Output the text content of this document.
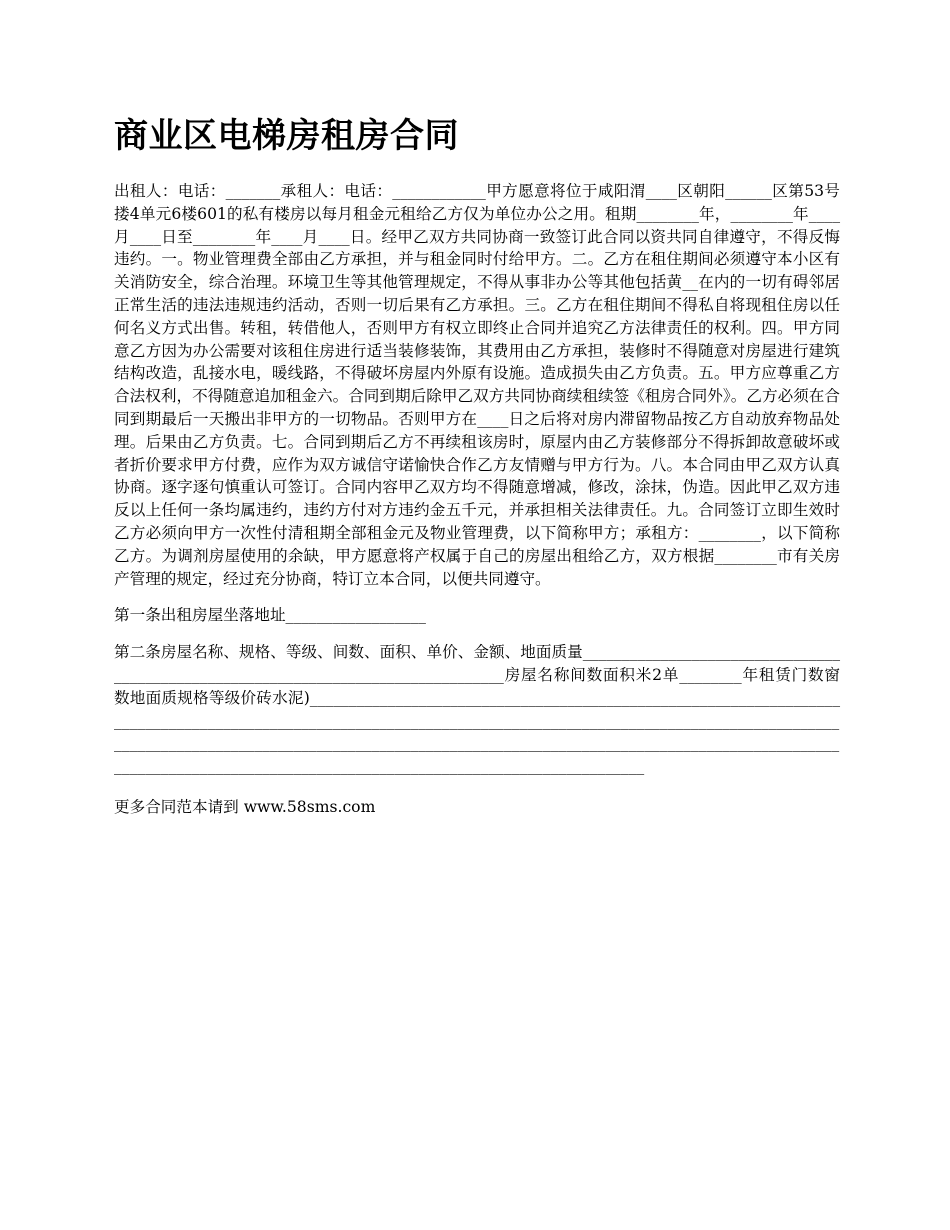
商业区电梯房租房合同

出租人：电话：_______承租人：电话：____________甲方愿意将位于咸阳渭____区朝阳______区第53号搂4单元6楼601的私有楼房以每月租金元租给乙方仅为单位办公之用。租期________年，________年____月____日至________年____月____日。经甲乙双方共同协商一致签订此合同以资共同自律遵守，不得反悔违约。一。物业管理费全部由乙方承担，并与租金同时付给甲方。二。乙方在租住期间必须遵守本小区有关消防安全，综合治理。环境卫生等其他管理规定，不得从事非办公等其他包括黄__在内的一切有碍邻居正常生活的违法违规违约活动，否则一切后果有乙方承担。三。乙方在租住期间不得私自将现租住房以任何名义方式出售。转租，转借他人，否则甲方有权立即终止合同并追究乙方法律责任的权利。四。甲方同意乙方因为办公需要对该租住房进行适当装修装饰，其费用由乙方承担，装修时不得随意对房屋进行建筑结构改造，乱接水电，暖线路，不得破坏房屋内外原有设施。造成损失由乙方负责。五。甲方应尊重乙方合法权利，不得随意追加租金六。合同到期后除甲乙双方共同协商续租续签《租房合同外》。乙方必须在合同到期最后一天搬出非甲方的一切物品。否则甲方在____日之后将对房内滞留物品按乙方自动放弃物品处理。后果由乙方负责。七。合同到期后乙方不再续租该房时，原屋内由乙方装修部分不得拆卸故意破坏或者折价要求甲方付费，应作为双方诚信守诺愉快合作乙方友情赠与甲方行为。八。本合同由甲乙双方认真协商。逐字逐句慎重认可签订。合同内容甲乙双方均不得随意增减，修改，涂抹，伪造。因此甲乙双方违反以上任何一条均属违约，违约方付对方违约金五千元，并承担相关法律责任。九。合同签订立即生效时乙方必须向甲方一次性付清租期全部租金元及物业管理费，以下简称甲方；承租方：________，以下简称乙方。为调剂房屋使用的余缺，甲方愿意将产权属于自己的房屋出租给乙方，双方根据________市有关房产管理的规定，经过充分协商，特订立本合同，以便共同遵守。

第一条出租房屋坐落地址__________________

第二条房屋名称、规格、等级、间数、面积、单价、金额、地面质量___________________________________________________________________________________房屋名称间数面积米2单________年租赁门数窗数地面质规格等级价砖水泥)__________________________________________________________________________________________________________________________________________________________________________________________________________________________________________________________________________________________________________________________________

更多合同范本请到 www.58sms.com
